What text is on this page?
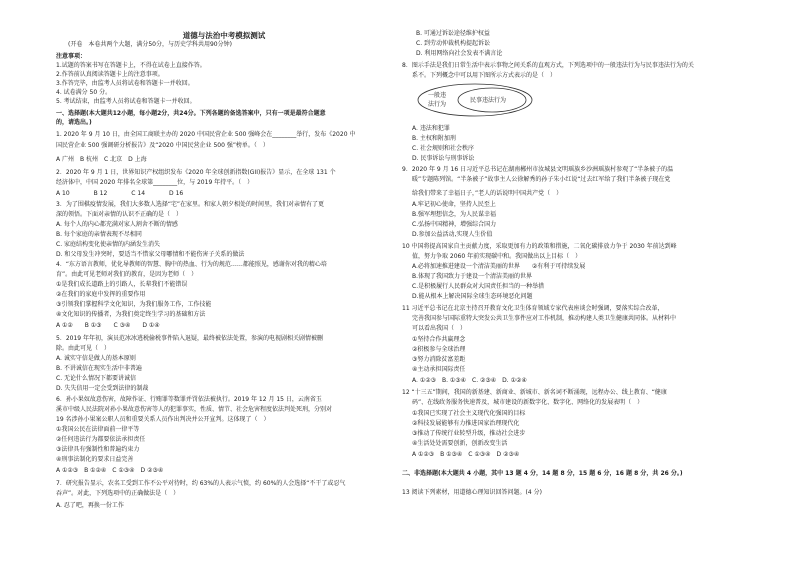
道德与法治中考模拟测试
(开卷　本卷共两个大题，满分50分，与历史学科共用90分钟)
注意事项：
1.试题的答案书写在答题卡上，不得在试卷上直接作答。
2.作答前认真阅读答题卡上的注意事项。
3.作答完毕，由监考人员将试卷和答题卡一并收回。
4. 试卷满分 50 分。
5. 考试结束，由监考人员将试卷和答题卡一并收回。
一、选择题(本大题共12小题，每小题2分，共24分。下列各题的备选答案中，只有一项是最符合题意
的，请选出。)
1. 2020 年 9 月 10 日，由全国工商联主办的 2020 中国民营企业 500 强峰会在________举行，发布《2020 中
国民营企业 500 强调研分析报告》及“2020 中国民营企业 500 强”榜单。（　）
A 广州　B 杭州　C 北京　D 上海
2．2020 年 9 月 1 日，世界知识产权组织发布《2020 年全球创新指数(GII)报告》显示，在全球 131 个
经济体中，中国 2020 年排名全球第________位，与 2019 年持平。（　）
A 10　　　　B 12　　　　C 14　　　　D 16
3．为了围棋疫情发展，我们大多数人选择“宅”在家里。和家人朝夕相处的时间里，我们对亲情有了更
深的领悟。下面对亲情的认识不正确的是（　）
A. 每个人的内心都充满对家人割舍不断的情感
B. 每个家庭的亲情表现不尽相同
C. 家庭结构变化使亲情的内涵发生消失
D. 和父母发生冲突时，要适当不惜家父母哪情和不能伤害子关系的做法
4．“东方语言教师，优化导教师的智慧、胸中的热血、行为的规范……都能照见，感谢你对我的精心培
育”。由此可见老师对我们的教育，是因为老师（　）
①是我们成长道路上的引路人，长辈我们不能错误
②在我们的家庭中发挥的重要作用
③引领我们掌握科学文化知识，为我们服务工作，工作技能
④文化知识的传播者，为我们奠定终生学习的基础和方法
A ①②　　B ①③　　C ③④　　D ①④
5．2019 年年初，演员范冰冰逃税偷税事件陷入退疑，最终被依法处置，参演的电视剧相关剧情被删
除。由此可见（　）
A. 诚实守信是做人的基本原则
B. 不讲诚信在现实生活中非普遍
C. 无论什么情况下都要讲诚信
D. 失失信用一定会受到法律的制裁
6．孙小果奴故意伤害，故障作证、行贿罪等数罪并罚依法被执行。2019 年 12 月 15 日，云南省玉
溪市中级人民法院对孙小果故意伤害等人的犯罪事实，性质、情节、社会危害程度依法判处死刑，分别对
19 名涉孙小果案公职人员和重要关系人员作出判决并公开宣判。这体现了（　）
①我国公民在法律面前一律平等
②任何违法行为都要依法承担责任
③法律具有强制性和普遍约束力
④刑事法制化的要求日益完善
A ①②③　B ①②④　C ①③④　D ②③④
7．研究报告显示，农名工受到工作不公平对待时，约 63%的人表示气愤，约 60%的人会选择“不干了或忍气
吞声”。对此，下列选项中的正确做法是（　）
A. 忍了吧，再换一份工作
B. 可通过诉讼途径维护权益
C. 到劳动仲裁机构提起诉讼
D. 利用网络向社会发表不满言论
8．图示手法是我们日常生活中表示事物之间关系的直观方式，下列选项中的一般违法行为与民事违法行为的关
系不。下列概念中可以用下图所示方式表示的是（　）
一般违
法行为
民事违法行为
A. 违法和犯罪
B. 主权和附加刑
C. 社会规则和社会秩序
D. 民事诉讼与刑事诉讼
9．2020 年 9 月 16 日习近平总书记在湖南郴州市汝城县文明瑶族乡沙洲瑶族村参观了“半条被子的温
暖”专题陈列馆。“半条被子”故事主人公徐解秀的孙子朱小红说“过去红军给了我们半条被子现在党
给我们带来了幸福日子，”老人的话说明中国共产党（　）
A.牢记初心使命，坚持人民至上
B.强军埋想信念，为人民谋幸福
C.弘扬中国精神，增强综合国力
D.参加公益活动,实现人生价值
10 中国将提高国家自主贡献力度，采取更加有力的政策和措施，二氧化碳排放力争于 2030 年前达到峰
值，努力争取 2060 年前实现碳中和。我国做出以上目标（　）
A.必将加速推进建设一个清洁美丽的世界　　②有利于可持续发展
B.体现了我国致力于建设一个清洁美丽的世界
C.是积极履行人民群众对大国责任担当的一种举措
D.能从根本上解决国际全球生态环境恶化问题
11 习近平总书记在北京主持召开教育文化卫生体育领域专家代表座谈会时强调，要落实综合改革，
完善我国参与国际重特大突发公共卫生事件应对工作机制，推动构建人类卫生健康共同体。从材料中
可以看出我国（　）
①坚持合作共赢理念
②积极参与全球治理
③努力消除贫富差距
④主动承担国际责任
A. ①②③　B. ①③④　C. ②③④　D. ①②④
12 “十三五”期间，我国的新基建、新商业、新城市、新名词不断涌现，远程办公、线上教育、“健康
码”、在线政务服务快速普及，城市建设的新数字化、数字化、网络化的发展表明（　）
①我国已实现了社会主义现代化强国的目标
②科技发展能够有力推进国家治理现代化
③推动了传统行业转型升级，推动社会进步
④生活处处需要创新，创新改变生活
A ①②③　B ①③④　C ①③④　D ②③④
二、非选择题(本大题共 4 小题，其中 13 题 4 分，14 题 8 分，15 题 6 分，16 题 8 分，共 26 分。)
13 阅读下列素材，用道德心理知识回答问题。(4 分)
